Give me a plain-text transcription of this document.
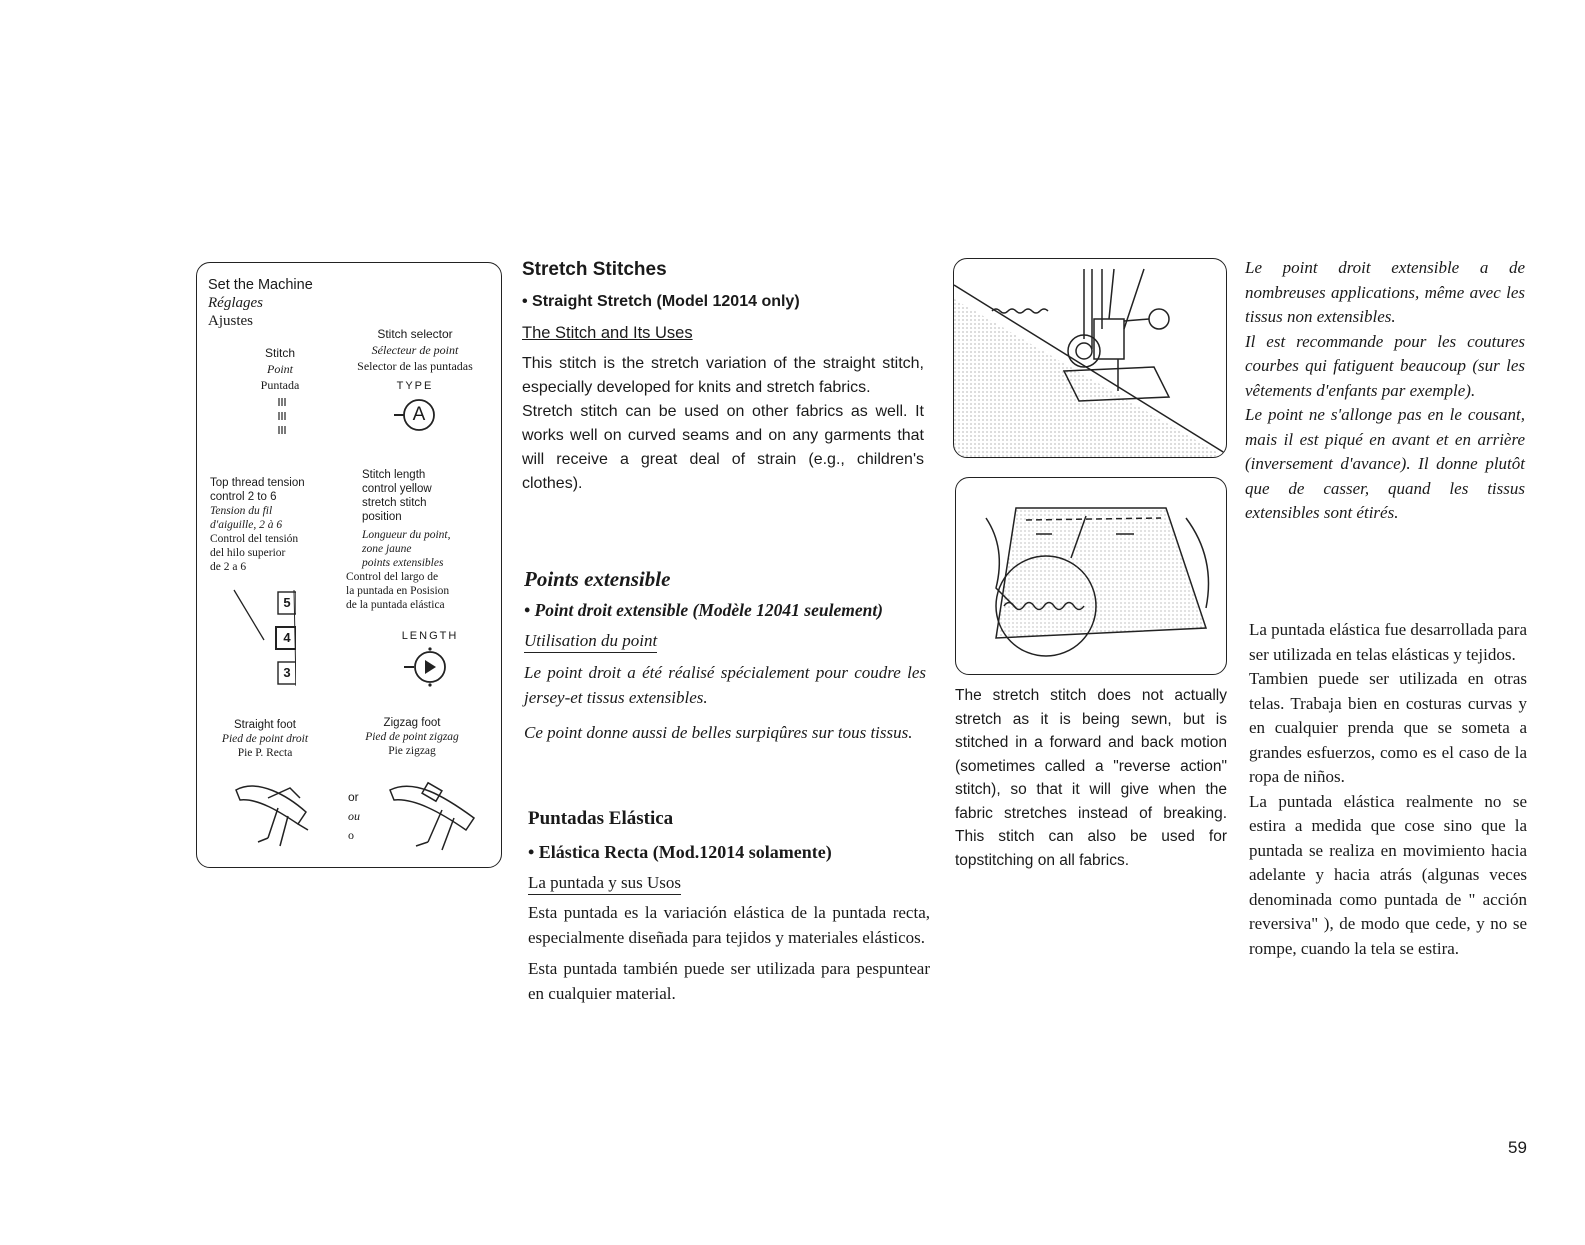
Set the Machine
Réglages
Ajustes
Stitch
Point
Puntada
Stitch selector
Sélecteur de point
Selector de las puntadas
TYPE
A

Top thread tension

control 2 to 6

Tension du fil

d'aiguille, 2 à 6

Control del tensión

del hilo superior

de 2 a 6

5
4
3

Stitch length

control yellow

stretch stitch

position

Longueur du point,

zone jaune

points extensibles

Control del largo de

la puntada en Posision

de la puntada elástica

LENGTH

Straight foot

Pied de point droit

Pie P. Recta

Zigzag foot

Pied de point zigzag

Pie zigzag

or

ou

o

Stretch Stitches
• Straight Stretch (Model 12014 only)
The Stitch and Its Uses

This stitch is the stretch variation of the straight stitch, especially developed for knits and stretch fabrics.

Stretch stitch can be used on other fabrics as well. It works well on curved seams and on any garments that will receive a great deal of strain (e.g., children's clothes).

Points extensible
• Point droit extensible (Modèle 12041 seulement)
Utilisation du point

Le point droit a été réalisé spécialement pour coudre les jersey-et tissus extensibles.

Ce point donne aussi de belles surpiqûres sur tous tissus.

Puntadas Elástica
• Elástica Recta (Mod.12014 solamente)
La puntada y sus Usos

Esta puntada es la variación elástica de la puntada recta, especialmente diseñada para tejidos y materiales elásticos.

Esta puntada también puede ser utilizada para pespuntear en cualquier material.

The stretch stitch does not actually stretch as it is being sewn, but is stitched in a forward and back motion (sometimes called a "reverse action" stitch), so that it will give when the fabric stretches instead of breaking. This stitch can also be used for topstitching on all fabrics.

Le point droit extensible a de nombreuses applications, même avec les tissus non extensibles.

Il est recommande pour les coutures courbes qui fatiguent beaucoup (sur les vêtements d'enfants par exemple).

Le point ne s'allonge pas en le cousant, mais il est piqué en avant et en arrière (inversement d'avance). Il donne plutôt que de casser, quand les tissus extensibles sont étirés.

La puntada elástica fue desarrollada para ser utilizada en telas elásticas y tejidos.

Tambien puede ser utilizada en otras telas. Trabaja bien en costuras curvas y en cualquier prenda que se someta a grandes esfuerzos, como es el caso de la ropa de niños.

La puntada elástica realmente no se estira a medida que cose sino que la puntada se realiza en movimiento hacia adelante y hacia atrás (algunas veces denominada como puntada de " acción reversiva" ), de modo que cede, y no se rompe, cuando la tela se estira.

59
